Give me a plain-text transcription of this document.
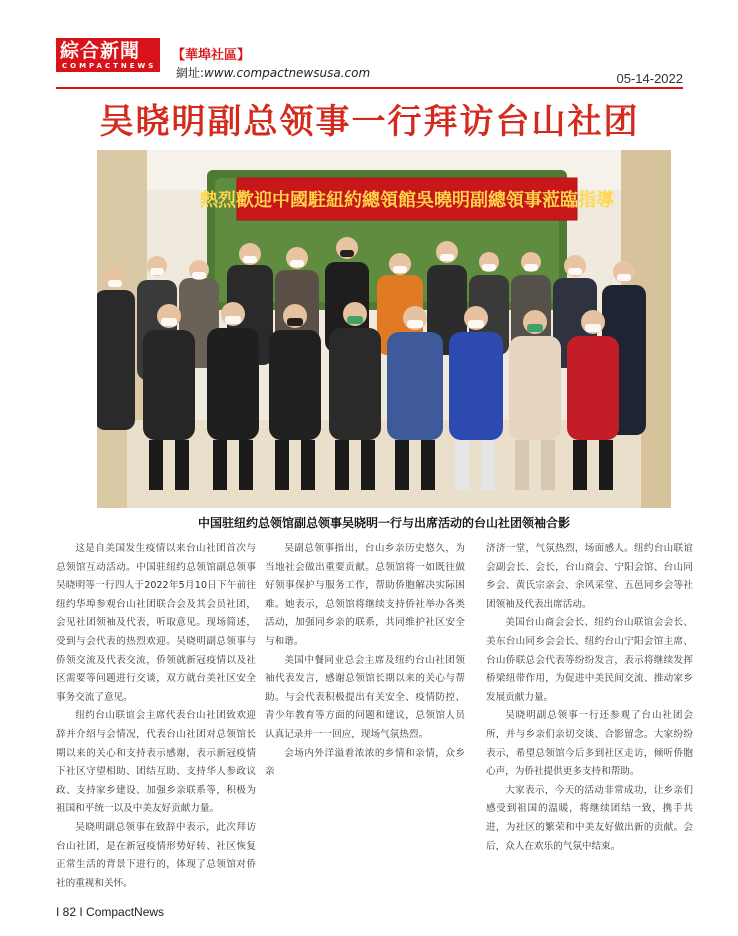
綜合新聞
COMPACTNEWS
【華埠社區】
網址:www.compactnewsusa.com	05-14-2022
吴晓明副总领事一行拜访台山社团
熱烈歡迎中國駐紐約總領館吳曉明副總領事蒞臨指導
中国驻纽约总领馆副总领事吴晓明一行与出席活动的台山社团领袖合影

这是自美国发生疫情以来台山社团首次与总领馆互动活动。中国驻纽约总领馆副总领事吴晓明等一行四人于2022年5月10日下午前往纽约华埠参观台山社团联合会及其会员社团，会见社团领袖及代表，听取意见。现场简述，受到与会代表的热烈欢迎。吴晓明副总领事与侨领交流及代表交流，侨领就新冠疫情以及社区需要等问题进行交谈，双方就台美社区安全事务交流了意见。

纽约台山联谊会主席代表台山社团致欢迎辞并介绍与会情况，代表台山社团对总领馆长期以来的关心和支持表示感谢，表示新冠疫情下社区守望相助、团结互助、支持华人参政议政、支持家乡建设、加强乡亲联系等，积极为祖国和平统一以及中美友好贡献力量。

吴晓明副总领事在致辞中表示，此次拜访台山社团，是在新冠疫情形势好转、社区恢复正常生活的背景下进行的，体现了总领馆对侨社的重视和关怀。

吴副总领事指出，台山乡亲历史悠久，为当地社会做出重要贡献。总领馆将一如既往做好领事保护与服务工作，帮助侨胞解决实际困难。她表示，总领馆将继续支持侨社举办各类活动，加强同乡亲的联系，共同维护社区安全与和谐。

美国中餐同业总会主席及纽约台山社团领袖代表发言，感谢总领馆长期以来的关心与帮助。与会代表积极提出有关安全、疫情防控、青少年教育等方面的问题和建议，总领馆人员认真记录并一一回应，现场气氛热烈。

会场内外洋溢着浓浓的乡情和亲情，众乡亲

济济一堂，气氛热烈，场面感人。纽约台山联谊会副会长、会长，台山商会、宁阳会馆、台山同乡会、黄氏宗亲会、余风采堂、五邑同乡会等社团领袖及代表出席活动。

美国台山商会会长、纽约台山联谊会会长、美东台山同乡会会长、纽约台山宁阳会馆主席、台山侨联总会代表等纷纷发言，表示将继续发挥桥梁纽带作用，为促进中美民间交流、推动家乡发展贡献力量。

吴晓明副总领事一行还参观了台山社团会所，并与乡亲们亲切交谈、合影留念。大家纷纷表示，希望总领馆今后多到社区走访，倾听侨胞心声，为侨社提供更多支持和帮助。

大家表示，今天的活动非常成功，让乡亲们感受到祖国的温暖，将继续团结一致，携手共进，为社区的繁荣和中美友好做出新的贡献。会后，众人在欢乐的气氛中结束。

I 82 I CompactNews
